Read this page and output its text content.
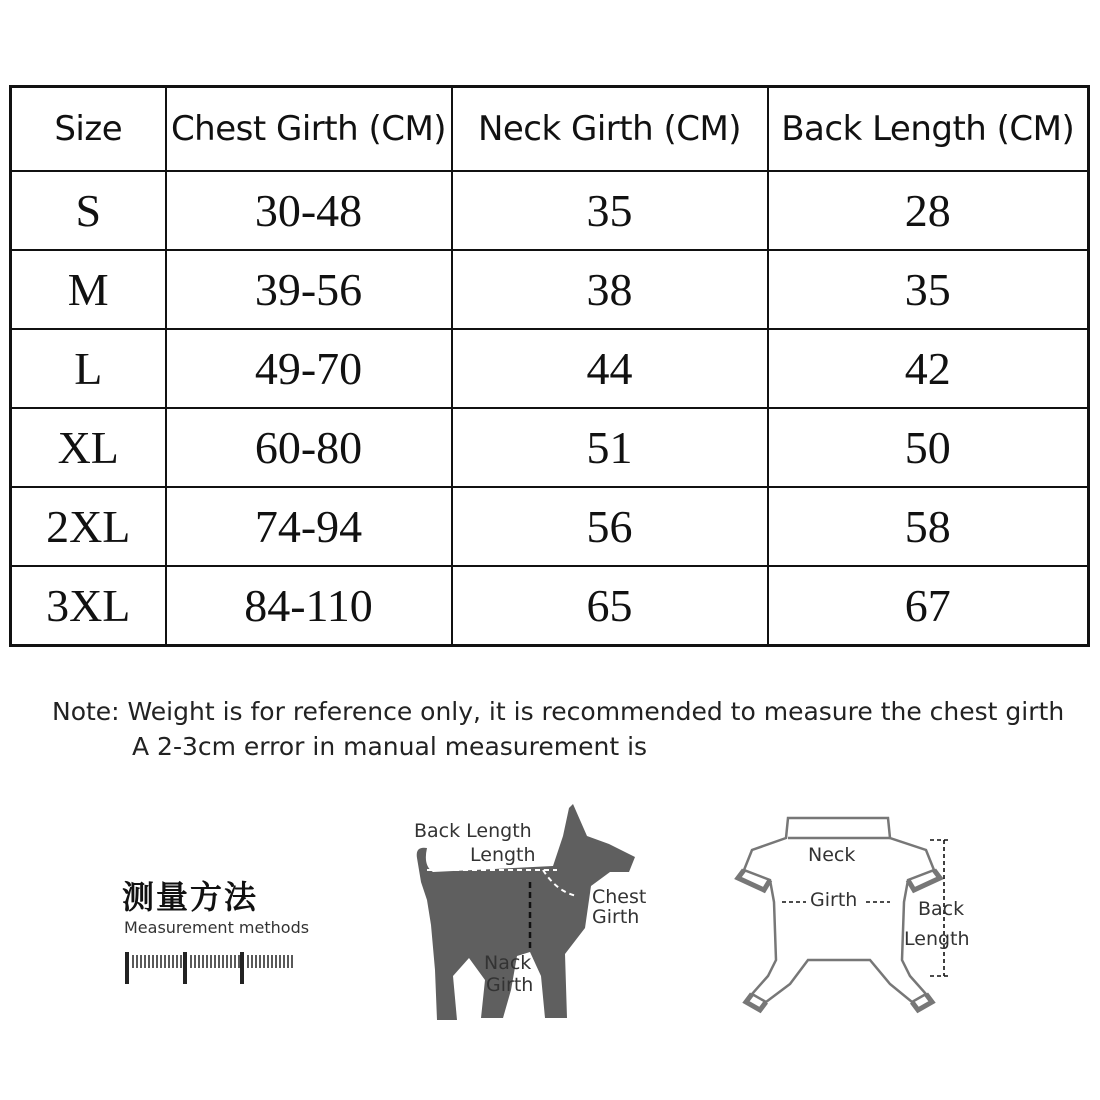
Size	Chest Girth (CM)	Neck Girth (CM)	Back Length (CM)
S	30-48	35	28
M	39-56	38	35
L	49-70	44	42
XL	60-80	51	50
2XL	74-94	56	58
3XL	84-110	65	67
Note: Weight is for reference only, it is recommended to measure the chest girth
A 2-3cm error in manual measurement is
测量方法
Measurement methods
Back Length
Length
Chest
Girth
Nack
Girth
Neck
Girth	Back
Length
